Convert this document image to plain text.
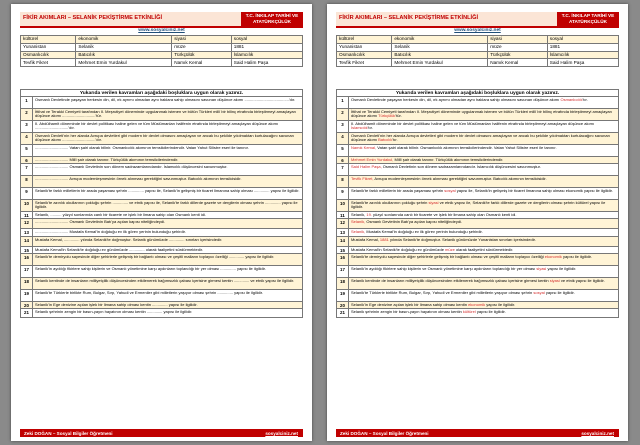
FİKİR AKIMLARI – SELANİK PEKİŞTİRME ETKİNLİĞİ	T.C. İNKILAP TARİHİ VE
ATATÜRKÇÜLÜK
www.sosyalciniz.net
kültürel	ekonomik	siyasi	sosyal
Yunanistan	Selanik	müze	1881
Osmanlıcılık	Batıcılık	Türkçülük	İslamcılık
Tevfik Fikret	Mehmet Emin Yurdakul	Namık Kemal	Said Halim Paşa
Yukarıda verilen kavramları aşağıdaki boşluklara uygun olarak yazınız.
1	Osmanlı Devletinde yaşayan herkesin din, dil, ırk ayrımı olmadan aynı haklara sahip olmasını savunan düşünce akımı ........................................'dır.
2	İttihat ve Terakki Cemiyeti tarafından II. Meşrutiyet döneminde uygulanmak istenen ve bütün Türkleri millî bir bilinç etrafında birleştirmeyi amaçlayan düşünce akımı ..............................'tür.
3	II. Abdülhamit döneminde bir devlet politikası haline gelen ve tüm Müslümanları halifenin etrafında birleştirmeyi amaçlayan düşünce akımı ..............................'dır.
4	Osmanlı Devleti'nin her alanda Avrupa devletleri gibi modern bir devlet olmasını amaçlayan ve ancak bu şekilde yıkılmaktan kurtulacağını savunan düşünce akımı ..............................'dır.
5	.............................. Vatan şairi olarak bilinir. Osmanlıcılık akımının temsilcilerindendir. Vatan Yahut Silistre eseri ile tanınır.
6	.............................. Millî şair olarak tanınır. Türkçülük akımının temsilcilerindendir.
7	.............................. Osmanlı Devletinin son dönem sadrazamlarındandır. İslamcılık düşüncesini savunmuştur.
8	.............................. Avrupa modernleşmesinin örnek alınması gerektiğini savunmuştur. Batıcılık akımının temsilcisidir.
9	Selanik'te farklı milletlerin bir arada yaşaması şehrin .............. yapısı ile, Selanik'in gelişmiş bir ticaret limanına sahip olması .............. yapısı ile ilgilidir.
10	Selanik'te azınlık okullarının çokluğu şehrin .............. ve etnik yapısı ile, Selanik'te farklı dillerde gazete ve dergilerin olması şehrin .............. yapısı ile ilgilidir.
11	Selanik, .......... yüzyıl sonlarında canlı bir ticarete ve işlek bir limana sahip olan Osmanlı kenti idi.
12	.............................. Osmanlı Devletinin Batı'ya açılan kapısı niteliğindeydi.
13	.............................. Mustafa Kemal'in doğduğu ev ilk görev yerinin bulunduğu şehirdir.
14	Mustafa Kemal, .............. yılında Selanik'te doğmuştur. Selanik günümüzde .............. sınırları içerisindedir.
15	Mustafa Kemal'in Selanik'te doğduğu ev günümüzde .............. olarak faaliyetini sürdürmektedir.
16	Selanik'te demiryolu sayesinde diğer şehirlerle gelişmiş bir bağlantı olması ve çeşitli malların toplayıcı özelliği .............. yapısı ile ilgilidir.
17	Selanik'in aydılığı fikirlere sahip kişilerin ve Osmanlı yönetimine karşı aydınların toplandığı bir yer olması .............. yapısı ile ilgilidir.
18	Selanik kentinde de insanların milliyetçilik düşüncesinden etkilenerek bağımsızlık çabası içerisine girmesi kentin .............. ve etnik yapısı ile ilgilidir.
19	Selanik'te Türklerle birlikte Rum, Bulgar, Sırp, Yahudi ve Ermeniler gibi milletlerin yaşıyor olması şehrin .............. yapısı ile ilgilidir.
20	Selanik'in Ege denizine açılan işlek bir limana sahip olması kentin .............. yapısı ile ilgilidir.
21	Selanik şehrinin zengin bir basın-yayın hayatının olması kentin .............. yapısı ile ilgilidir.
Zeki DOĞAN – Sosyal Bilgiler Öğretmeni	sosyalciniz.net
FİKİR AKIMLARI – SELANİK PEKİŞTİRME ETKİNLİĞİ	T.C. İNKILAP TARİHİ VE
ATATÜRKÇÜLÜK
www.sosyalciniz.net
kültürel	ekonomik	siyasi	sosyal
Yunanistan	Selanik	müze	1881
Osmanlıcılık	Batıcılık	Türkçülük	İslamcılık
Tevfik Fikret	Mehmet Emin Yurdakul	Namık Kemal	Said Halim Paşa
Yukarıda verilen kavramları aşağıdaki boşluklara uygun olarak yazınız.
1	Osmanlı Devletinde yaşayan herkesin din, dil, ırk ayrımı olmadan aynı haklara sahip olmasını savunan düşünce akımı Osmanlıcılık'tır.
2	İttihat ve Terakki Cemiyeti tarafından II. Meşrutiyet döneminde uygulanmak istenen ve bütün Türkleri millî bir bilinç etrafında birleştirmeyi amaçlayan düşünce akımı Türkçülük'tür.
3	II. Abdülhamit döneminde bir devlet politikası haline gelen ve tüm Müslümanları halifenin etrafında birleştirmeyi amaçlayan düşünce akımı İslamcılık'tır.
4	Osmanlı Devleti'nin her alanda Avrupa devletleri gibi modern bir devlet olmasını amaçlayan ve ancak bu şekilde yıkılmaktan kurtulacağını savunan düşünce akımı Batıcılık'tır.
5	Namık Kemal, Vatan şairi olarak bilinir. Osmanlıcılık akımının temsilcilerindendir. Vatan Yahut Silistre eseri ile tanınır.
6	Mehmet Emin Yurdakul, Millî şair olarak tanınır. Türkçülük akımının temsilcilerindendir.
7	Said Halim Paşa, Osmanlı Devletinin son dönem sadrazamlarındandır. İslamcılık düşüncesini savunmuştur.
8	Tevfik Fikret, Avrupa modernleşmesinin örnek alınması gerektiğini savunmuştur. Batıcılık akımının temsilcisidir.
9	Selanik'te farklı milletlerin bir arada yaşaması şehrin sosyal yapısı ile, Selanik'in gelişmiş bir ticaret limanına sahip olması ekonomik yapısı ile ilgilidir.
10	Selanik'te azınlık okullarının çokluğu şehrin siyasi ve etnik yapısı ile, Selanik'te farklı dillerde gazete ve dergilerin olması şehrin kültürel yapısı ile ilgilidir.
11	Selanik, 19. yüzyıl sonlarında canlı bir ticarete ve işlek bir limana sahip olan Osmanlı kenti idi.
12	Selanik, Osmanlı Devletinin Batı'ya açılan kapısı niteliğindeydi.
13	Selanik, Mustafa Kemal'in doğduğu ev ilk görev yerinin bulunduğu şehirdir.
14	Mustafa Kemal, 1881 yılında Selanik'te doğmuştur. Selanik günümüzde Yunanistan sınırları içerisindedir.
15	Mustafa Kemal'in Selanik'te doğduğu ev günümüzde müze olarak faaliyetini sürdürmektedir.
16	Selanik'te demiryolu sayesinde diğer şehirlerle gelişmiş bir bağlantı olması ve çeşitli malların toplayıcı özelliği ekonomik yapısı ile ilgilidir.
17	Selanik'in aydılığı fikirlere sahip kişilerin ve Osmanlı yönetimine karşı aydınların toplandığı bir yer olması siyasi yapısı ile ilgilidir.
18	Selanik kentinde de insanların milliyetçilik düşüncesinden etkilenerek bağımsızlık çabası içerisine girmesi kentin siyasi ve etnik yapısı ile ilgilidir.
19	Selanik'te Türklerle birlikte Rum, Bulgar, Sırp, Yahudi ve Ermeniler gibi milletlerin yaşıyor olması şehrin sosyal yapısı ile ilgilidir.
20	Selanik'in Ege denizine açılan işlek bir limana sahip olması kentin ekonomik yapısı ile ilgilidir.
21	Selanik şehrinin zengin bir basın-yayın hayatının olması kentin kültürel yapısı ile ilgilidir.
Zeki DOĞAN – Sosyal Bilgiler Öğretmeni	sosyalciniz.net
